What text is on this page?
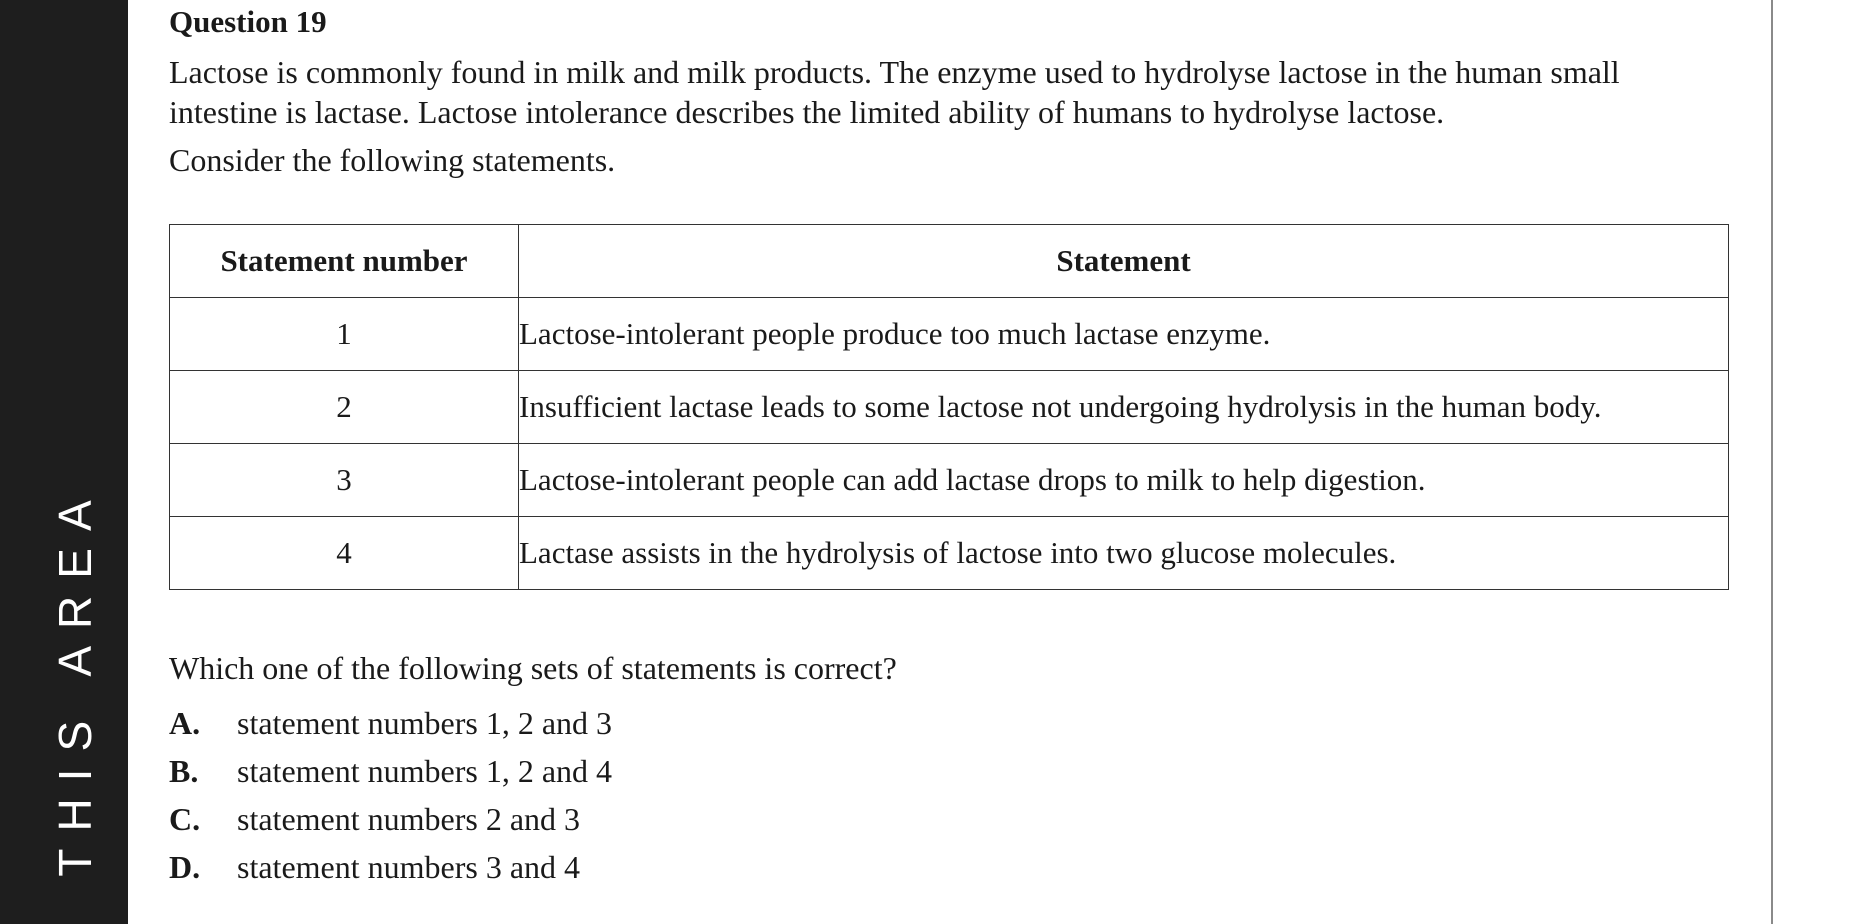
THIS AREA
Question 19

Lactose is commonly found in milk and milk products. The enzyme used to hydrolyse lactose in the human small intestine is lactase. Lactose intolerance describes the limited ability of humans to hydrolyse lactose.

Consider the following statements.

Statement number	Statement
1	Lactose-intolerant people produce too much lactase enzyme.
2	Insufficient lactase leads to some lactose not undergoing hydrolysis in the human body.
3	Lactose-intolerant people can add lactase drops to milk to help digestion.
4	Lactase assists in the hydrolysis of lactose into two glucose molecules.
Which one of the following sets of statements is correct?
A. statement numbers 1, 2 and 3
B. statement numbers 1, 2 and 4
C. statement numbers 2 and 3
D. statement numbers 3 and 4
